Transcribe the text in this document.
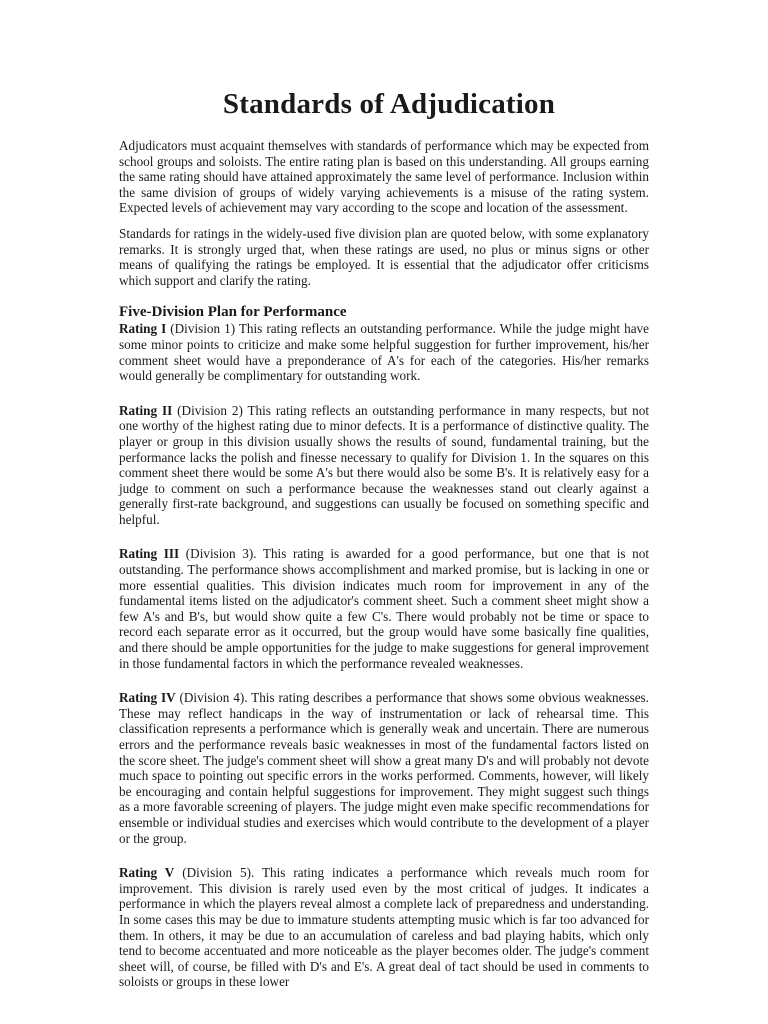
Standards of Adjudication

Adjudicators must acquaint themselves with standards of performance which may be expected from school groups and soloists. The entire rating plan is based on this understanding. All groups earning the same rating should have attained approximately the same level of performance. Inclusion within the same division of groups of widely varying achievements is a misuse of the rating system. Expected levels of achievement may vary according to the scope and location of the assessment.

Standards for ratings in the widely-used five division plan are quoted below, with some explanatory remarks. It is strongly urged that, when these ratings are used, no plus or minus signs or other means of qualifying the ratings be employed. It is essential that the adjudicator offer criticisms which support and clarify the rating.

Five-Division Plan for Performance

Rating I (Division 1) This rating reflects an outstanding performance. While the judge might have some minor points to criticize and make some helpful suggestion for further improvement, his/her comment sheet would have a preponderance of A's for each of the categories. His/her remarks would generally be complimentary for outstanding work.

Rating II (Division 2) This rating reflects an outstanding performance in many respects, but not one worthy of the highest rating due to minor defects. It is a performance of distinctive quality. The player or group in this division usually shows the results of sound, fundamental training, but the performance lacks the polish and finesse necessary to qualify for Division 1. In the squares on this comment sheet there would be some A's but there would also be some B's. It is relatively easy for a judge to comment on such a performance because the weaknesses stand out clearly against a generally first-rate background, and suggestions can usually be focused on something specific and helpful.

Rating III (Division 3). This rating is awarded for a good performance, but one that is not outstanding. The performance shows accomplishment and marked promise, but is lacking in one or more essential qualities. This division indicates much room for improvement in any of the fundamental items listed on the adjudicator's comment sheet. Such a comment sheet might show a few A's and B's, but would show quite a few C's. There would probably not be time or space to record each separate error as it occurred, but the group would have some basically fine qualities, and there should be ample opportunities for the judge to make suggestions for general improvement in those fundamental factors in which the performance revealed weaknesses.

Rating IV (Division 4). This rating describes a performance that shows some obvious weaknesses. These may reflect handicaps in the way of instrumentation or lack of rehearsal time. This classification represents a performance which is generally weak and uncertain. There are numerous errors and the performance reveals basic weaknesses in most of the fundamental factors listed on the score sheet. The judge's comment sheet will show a great many D's and will probably not devote much space to pointing out specific errors in the works performed. Comments, however, will likely be encouraging and contain helpful suggestions for improvement. They might suggest such things as a more favorable screening of players. The judge might even make specific recommendations for ensemble or individual studies and exercises which would contribute to the development of a player or the group.

Rating V (Division 5). This rating indicates a performance which reveals much room for improvement. This division is rarely used even by the most critical of judges. It indicates a performance in which the players reveal almost a complete lack of preparedness and understanding. In some cases this may be due to immature students attempting music which is far too advanced for them. In others, it may be due to an accumulation of careless and bad playing habits, which only tend to become accentuated and more noticeable as the player becomes older. The judge's comment sheet will, of course, be filled with D's and E's. A great deal of tact should be used in comments to soloists or groups in these lower
